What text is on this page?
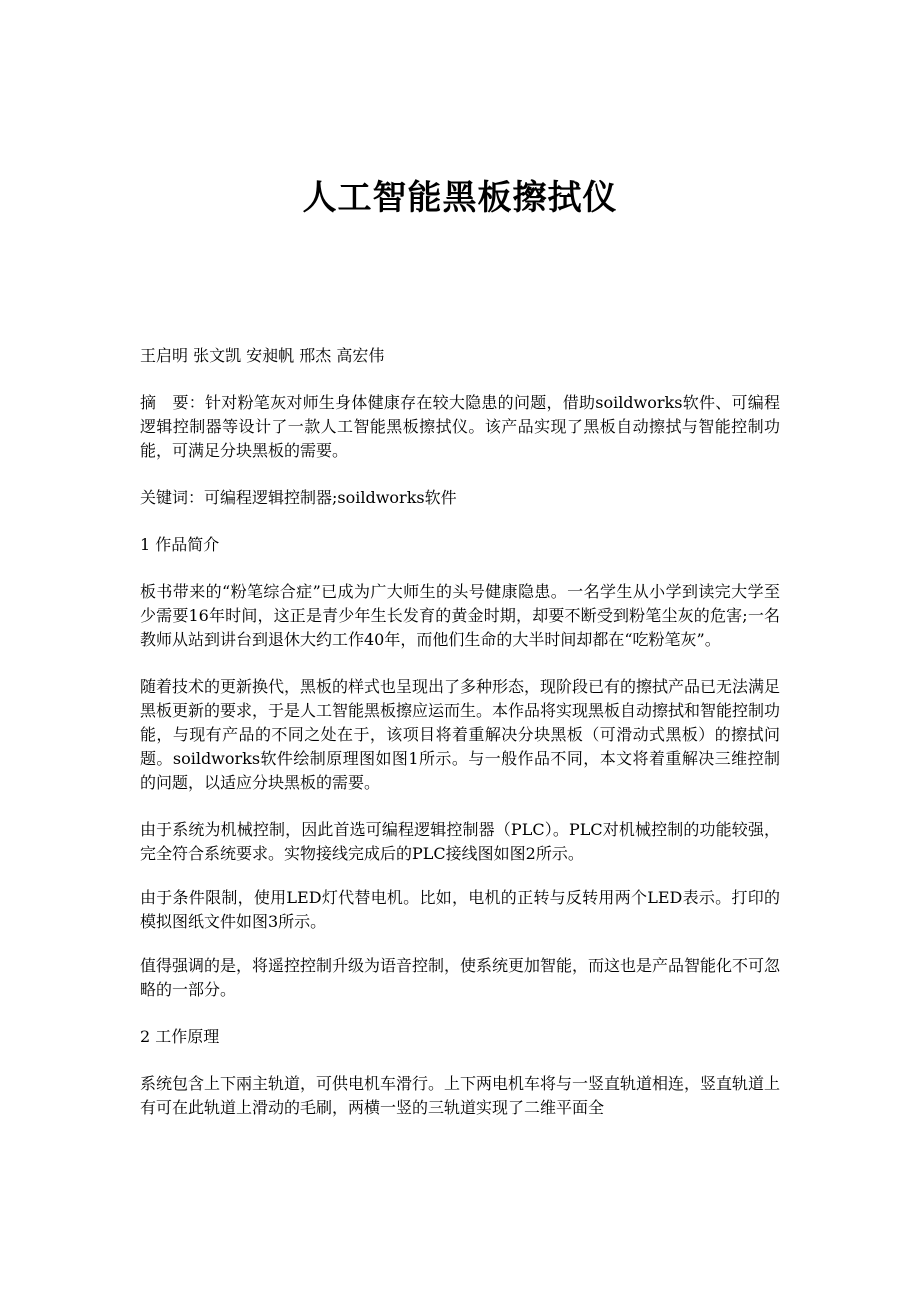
人工智能黑板擦拭仪

王启明 张文凯 安昶帆 邢杰 高宏伟

摘　要：针对粉笔灰对师生身体健康存在较大隐患的问题，借助soildworks软件、可编程逻辑控制器等设计了一款人工智能黑板擦拭仪。该产品实现了黑板自动擦拭与智能控制功能，可满足分块黑板的需要。

关键词：可编程逻辑控制器;soildworks软件

1 作品简介

板书带来的“粉笔综合症”已成为广大师生的头号健康隐患。一名学生从小学到读完大学至少需要16年时间，这正是青少年生长发育的黄金时期，却要不断受到粉笔尘灰的危害;一名教师从站到讲台到退休大约工作40年，而他们生命的大半时间却都在“吃粉笔灰”。

随着技术的更新换代，黑板的样式也呈现出了多种形态，现阶段已有的擦拭产品已无法满足黑板更新的要求，于是人工智能黑板擦应运而生。本作品将实现黑板自动擦拭和智能控制功能，与现有产品的不同之处在于，该项目将着重解决分块黑板（可滑动式黑板）的擦拭问题。soildworks软件绘制原理图如图1所示。与一般作品不同，本文将着重解决三维控制的问题，以适应分块黑板的需要。

由于系统为机械控制，因此首选可编程逻辑控制器（PLC）。PLC对机械控制的功能较强，完全符合系统要求。实物接线完成后的PLC接线图如图2所示。

由于条件限制，使用LED灯代替电机。比如，电机的正转与反转用两个LED表示。打印的模拟图纸文件如图3所示。

值得强调的是，将遥控控制升级为语音控制，使系统更加智能，而这也是产品智能化不可忽略的一部分。

2 工作原理

系统包含上下兩主轨道，可供电机车滑行。上下两电机车将与一竖直轨道相连，竖直轨道上有可在此轨道上滑动的毛刷，两横一竖的三轨道实现了二维平面全
